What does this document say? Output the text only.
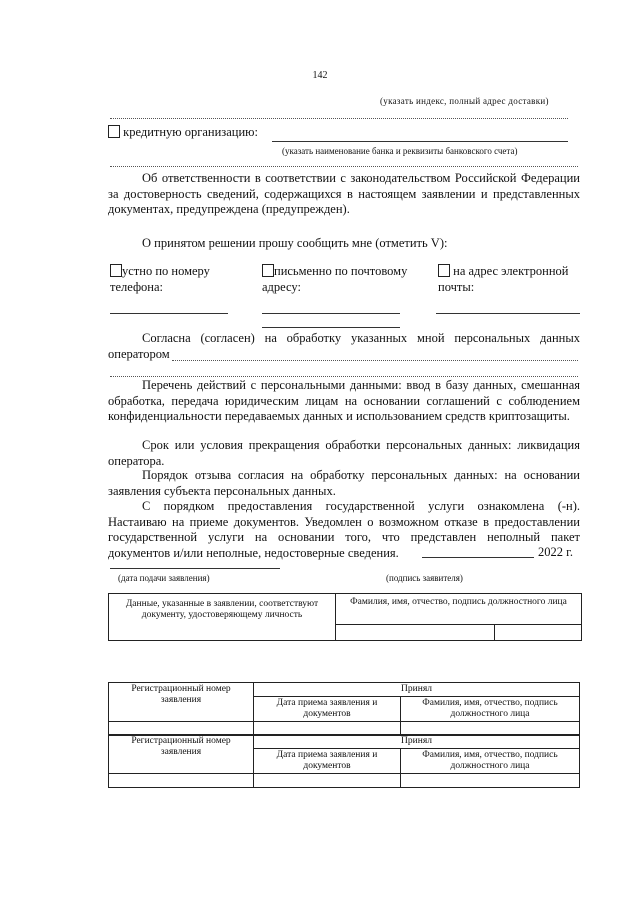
142
(указать индекс, полный адрес доставки)
кредитную организацию:
(указать наименование банка и реквизиты банковского счета)
Об ответственности в соответствии с законодательством Российской Федерации за достоверность сведений, содержащихся в настоящем заявлении и представленных документах, предупреждена (предупрежден).
О принятом решении прошу сообщить мне (отметить V):
устно по номеру
телефона:
письменно по почтовому
адресу:
на адрес электронной
почты:
Согласна (согласен) на обработку указанных мной персональных данных
оператором
Перечень действий с персональными данными: ввод в базу данных, смешанная обработка, передача юридическим лицам на основании соглашений с соблюдением конфиденциальности передаваемых данных и использованием средств криптозащиты.
Срок или условия прекращения обработки персональных данных: ликвидация оператора.
Порядок отзыва согласия на обработку персональных данных: на основании заявления субъекта персональных данных.
С порядком предоставления государственной услуги ознакомлена (-н). Настаиваю на приеме документов. Уведомлен о возможном отказе в предоставлении государственной услуги на основании того, что представлен неполный пакет документов и/или неполные, недостоверные сведения.	2022 г.
(дата подачи заявления)	(подпись заявителя)
Данные, указанные в заявлении, соответствуют документу, удостоверяющему личность	Фамилия, имя, отчество, подпись должностного лица	

Регистрационный номер заявления	Принял	
	Дата приема заявления и документов	Фамилия, имя, отчество, подпись должностного лица

Регистрационный номер заявления	Принял	
	Дата приема заявления и документов	Фамилия, имя, отчество, подпись должностного лица
